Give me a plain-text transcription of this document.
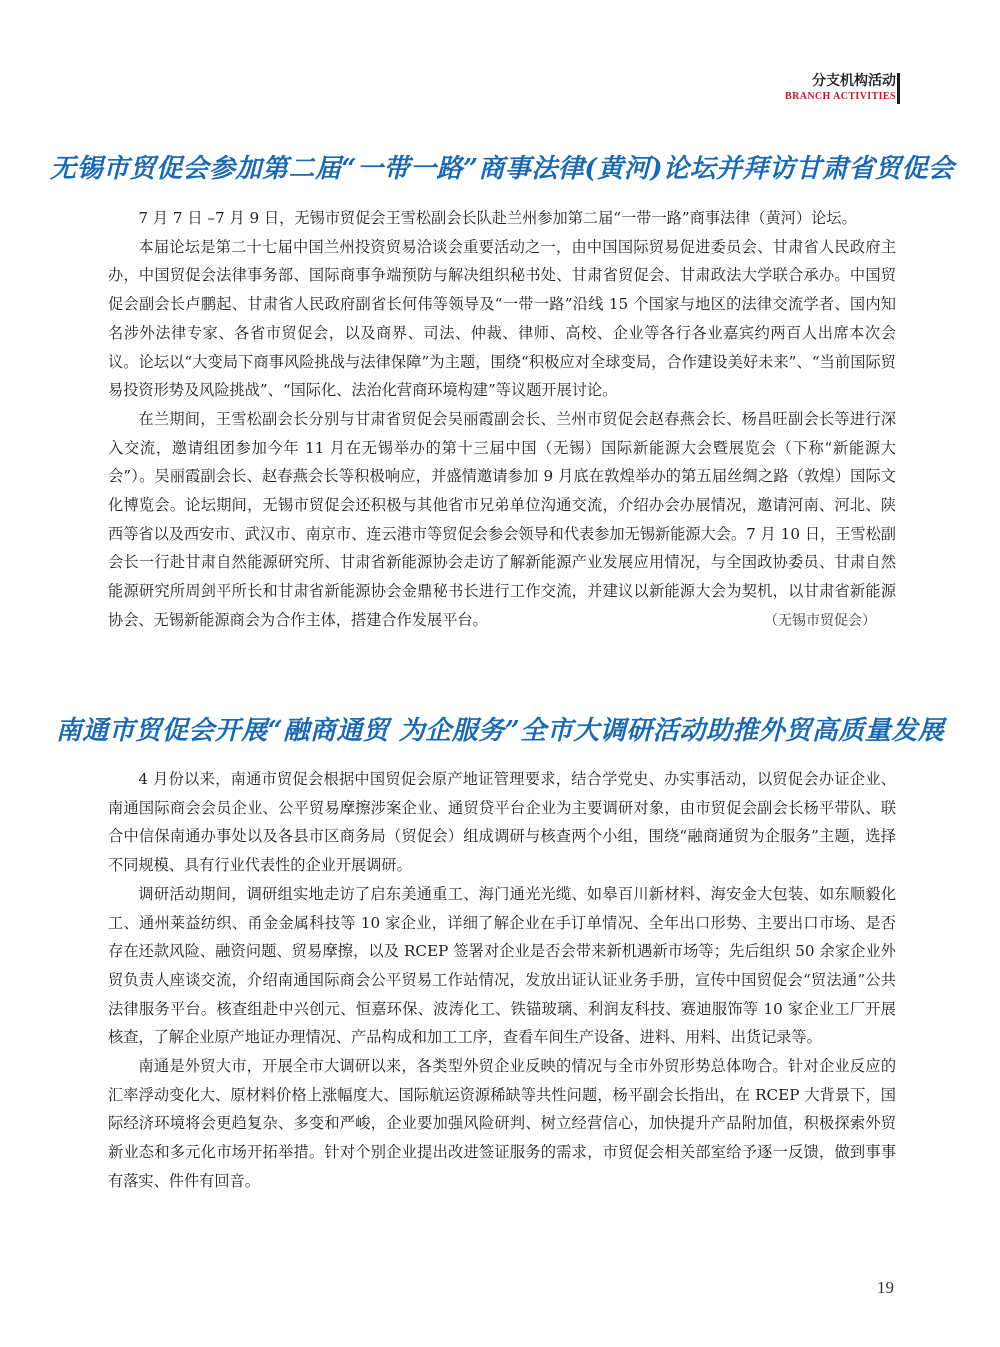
分支机构活动
BRANCH ACTIVITIES
无锡市贸促会参加第二届“一带一路”商事法律(黄河)论坛并拜访甘肃省贸促会

7 月 7 日 –7 月 9 日，无锡市贸促会王雪松副会长队赴兰州参加第二届“一带一路”商事法律（黄河）论坛。

本届论坛是第二十七届中国兰州投资贸易洽谈会重要活动之一，由中国国际贸易促进委员会、甘肃省人民政府主办，中国贸促会法律事务部、国际商事争端预防与解决组织秘书处、甘肃省贸促会、甘肃政法大学联合承办。中国贸促会副会长卢鹏起、甘肃省人民政府副省长何伟等领导及“一带一路”沿线 15 个国家与地区的法律交流学者、国内知名涉外法律专家、各省市贸促会，以及商界、司法、仲裁、律师、高校、企业等各行各业嘉宾约两百人出席本次会议。论坛以“大变局下商事风险挑战与法律保障”为主题，围绕“积极应对全球变局，合作建设美好未来”、“当前国际贸易投资形势及风险挑战”、“国际化、法治化营商环境构建”等议题开展讨论。

在兰期间，王雪松副会长分别与甘肃省贸促会吴丽霞副会长、兰州市贸促会赵春燕会长、杨昌旺副会长等进行深入交流，邀请组团参加今年 11 月在无锡举办的第十三届中国（无锡）国际新能源大会暨展览会（下称“新能源大会”）。吴丽霞副会长、赵春燕会长等积极响应，并盛情邀请参加 9 月底在敦煌举办的第五届丝绸之路（敦煌）国际文化博览会。论坛期间，无锡市贸促会还积极与其他省市兄弟单位沟通交流，介绍办会办展情况，邀请河南、河北、陕西等省以及西安市、武汉市、南京市、连云港市等贸促会参会领导和代表参加无锡新能源大会。7 月 10 日，王雪松副会长一行赴甘肃自然能源研究所、甘肃省新能源协会走访了解新能源产业发展应用情况，与全国政协委员、甘肃自然能源研究所周剑平所长和甘肃省新能源协会金鼎秘书长进行工作交流，并建议以新能源大会为契机，以甘肃省新能源协会、无锡新能源商会为合作主体，搭建合作发展平台。	（无锡市贸促会）
南通市贸促会开展“融商通贸 为企服务”全市大调研活动助推外贸高质量发展

4 月份以来，南通市贸促会根据中国贸促会原产地证管理要求，结合学党史、办实事活动，以贸促会办证企业、南通国际商会会员企业、公平贸易摩擦涉案企业、通贸贷平台企业为主要调研对象，由市贸促会副会长杨平带队、联合中信保南通办事处以及各县市区商务局（贸促会）组成调研与核查两个小组，围绕“融商通贸为企服务”主题，选择不同规模、具有行业代表性的企业开展调研。

调研活动期间，调研组实地走访了启东美通重工、海门通光光缆、如皋百川新材料、海安金大包装、如东顺毅化工、通州莱益纺织、甬金金属科技等 10 家企业，详细了解企业在手订单情况、全年出口形势、主要出口市场、是否存在还款风险、融资问题、贸易摩擦，以及 RCEP 签署对企业是否会带来新机遇新市场等；先后组织 50 余家企业外贸负责人座谈交流，介绍南通国际商会公平贸易工作站情况，发放出证认证业务手册，宣传中国贸促会“贸法通”公共法律服务平台。核查组赴中兴创元、恒嘉环保、波涛化工、铁锚玻璃、利润友科技、赛迪服饰等 10 家企业工厂开展核查，了解企业原产地证办理情况、产品构成和加工工序，查看车间生产设备、进料、用料、出货记录等。

南通是外贸大市，开展全市大调研以来，各类型外贸企业反映的情况与全市外贸形势总体吻合。针对企业反应的汇率浮动变化大、原材料价格上涨幅度大、国际航运资源稀缺等共性问题，杨平副会长指出，在 RCEP 大背景下，国际经济环境将会更趋复杂、多变和严峻，企业要加强风险研判、树立经营信心，加快提升产品附加值，积极探索外贸新业态和多元化市场开拓举措。针对个别企业提出改进签证服务的需求，市贸促会相关部室给予逐一反馈，做到事事有落实、件件有回音。

19
